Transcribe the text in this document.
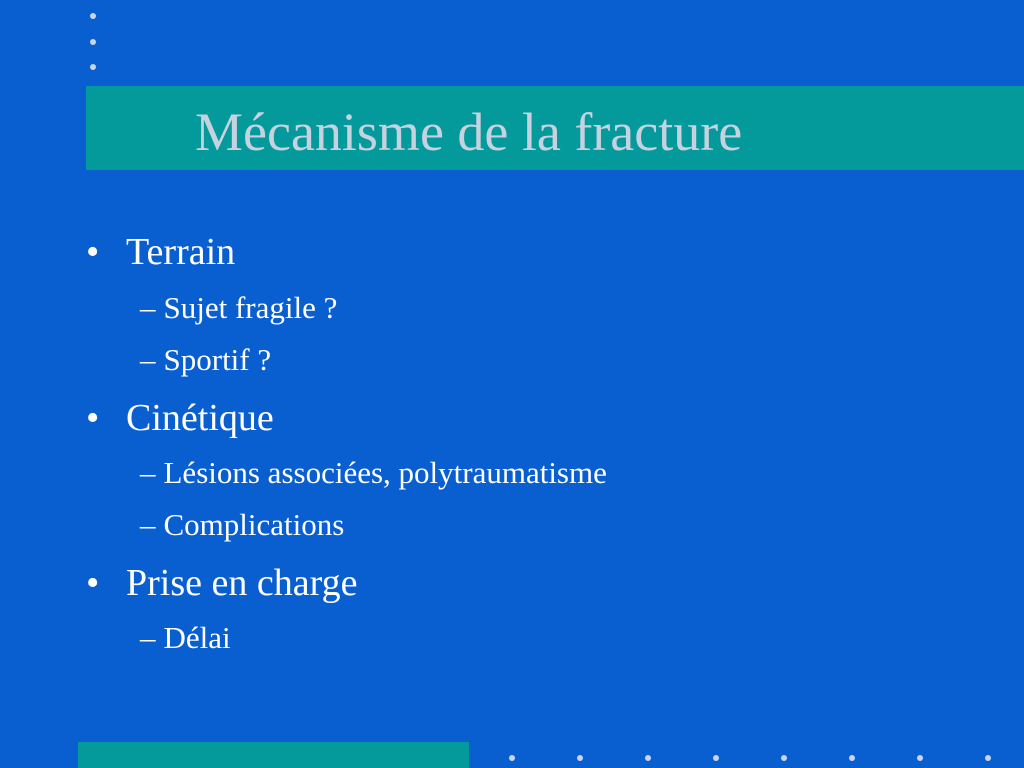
Mécanisme de la fracture
• Terrain
– Sujet fragile ?
– Sportif ?
• Cinétique
– Lésions associées, polytraumatisme
– Complications
• Prise en charge
– Délai
